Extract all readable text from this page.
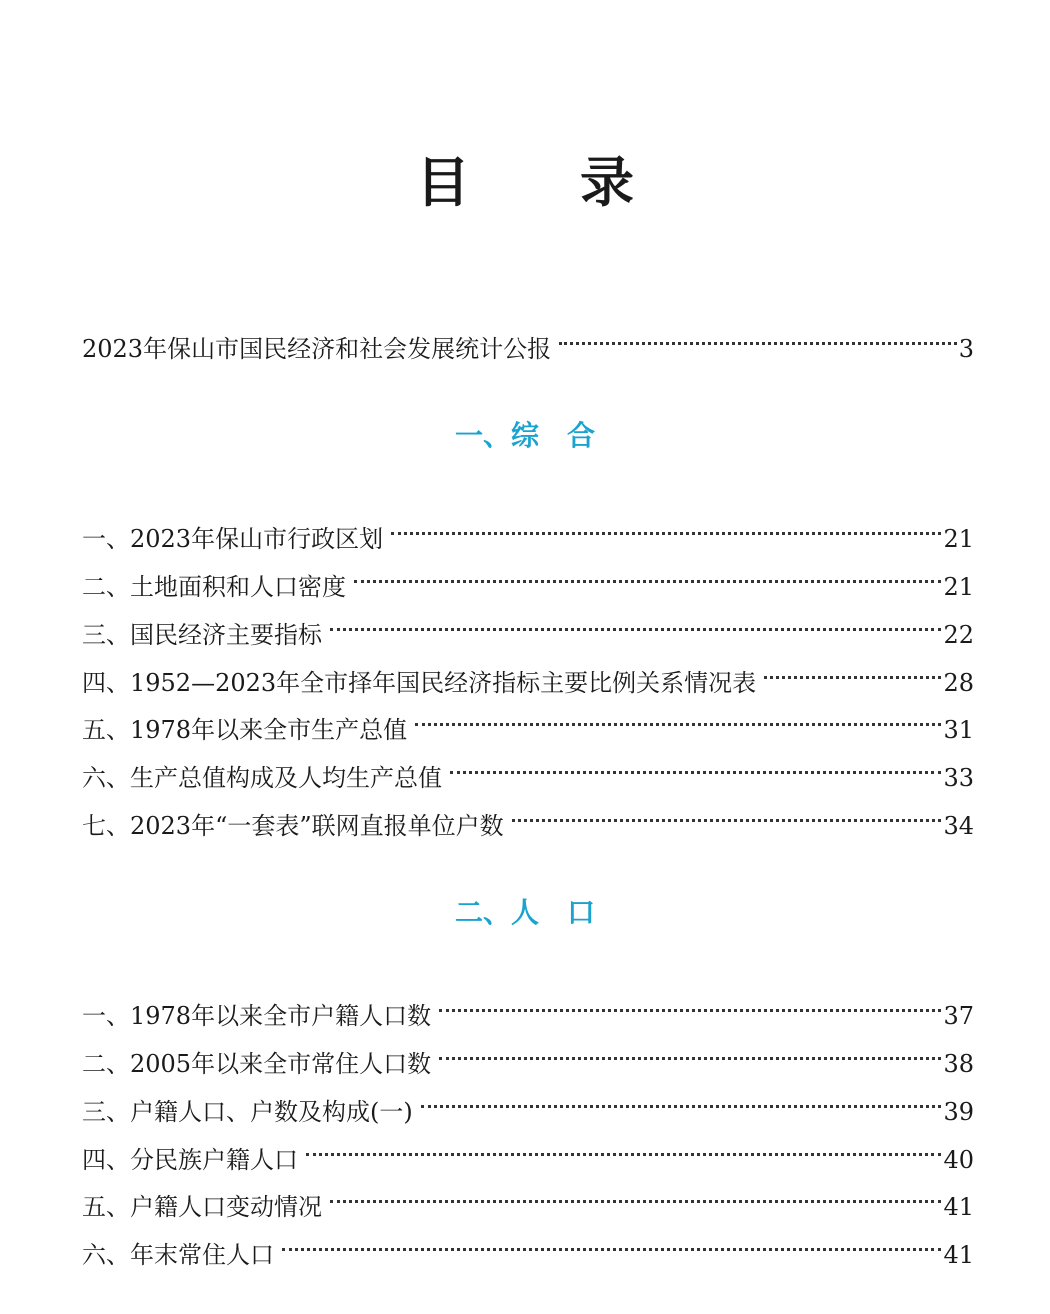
目 录
2023年保山市国民经济和社会发展统计公报	3
一、综　合
一、2023年保山市行政区划	21
二、土地面积和人口密度	21
三、国民经济主要指标	22
四、1952—2023年全市择年国民经济指标主要比例关系情况表	28
五、1978年以来全市生产总值	31
六、生产总值构成及人均生产总值	33
七、2023年“一套表”联网直报单位户数	34
二、人　口
一、1978年以来全市户籍人口数	37
二、2005年以来全市常住人口数	38
三、户籍人口、户数及构成(一)	39
四、分民族户籍人口	40
五、户籍人口变动情况	41
六、年末常住人口	41
